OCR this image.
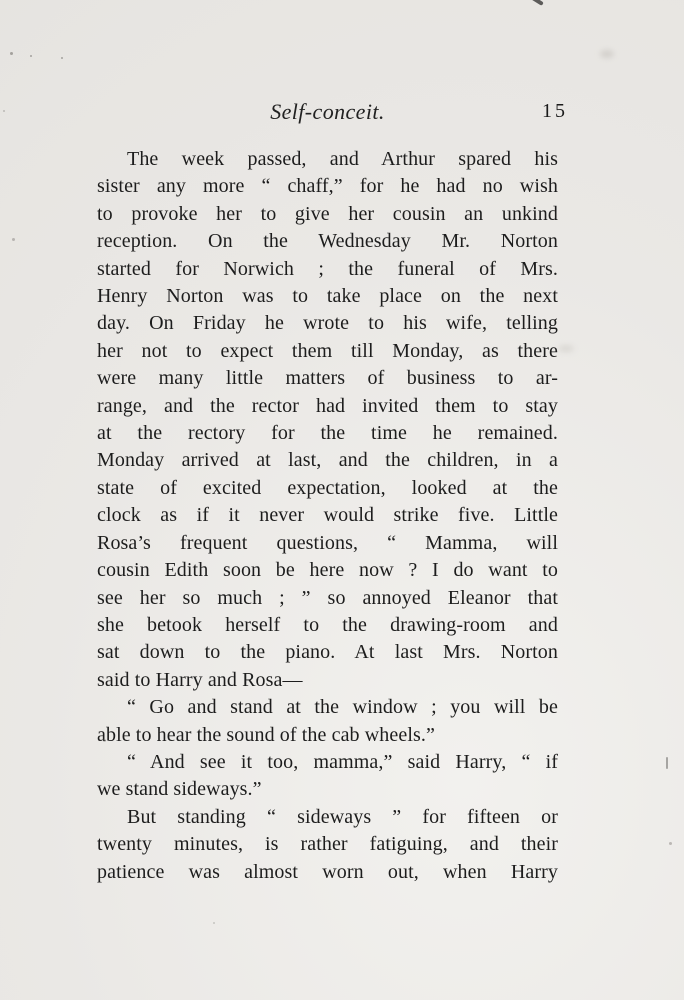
Self-conceit.	15
The week passed, and Arthur spared his
sister any more “ chaff,” for he had no wish
to provoke her to give her cousin an unkind
reception. On the Wednesday Mr. Norton
started for Norwich ; the funeral of Mrs.
Henry Norton was to take place on the next
day. On Friday he wrote to his wife, telling
her not to expect them till Monday, as there
were many little matters of business to ar-
range, and the rector had invited them to stay
at the rectory for the time he remained.
Monday arrived at last, and the children, in a
state of excited expectation, looked at the
clock as if it never would strike five. Little
Rosa’s frequent questions, “ Mamma, will
cousin Edith soon be here now ? I do want to
see her so much ; ” so annoyed Eleanor that
she betook herself to the drawing-room and
sat down to the piano. At last Mrs. Norton
said to Harry and Rosa—
“ Go and stand at the window ; you will be
able to hear the sound of the cab wheels.”
“ And see it too, mamma,” said Harry, “ if
we stand sideways.”
But standing “ sideways ” for fifteen or
twenty minutes, is rather fatiguing, and their
patience was almost worn out, when Harry
